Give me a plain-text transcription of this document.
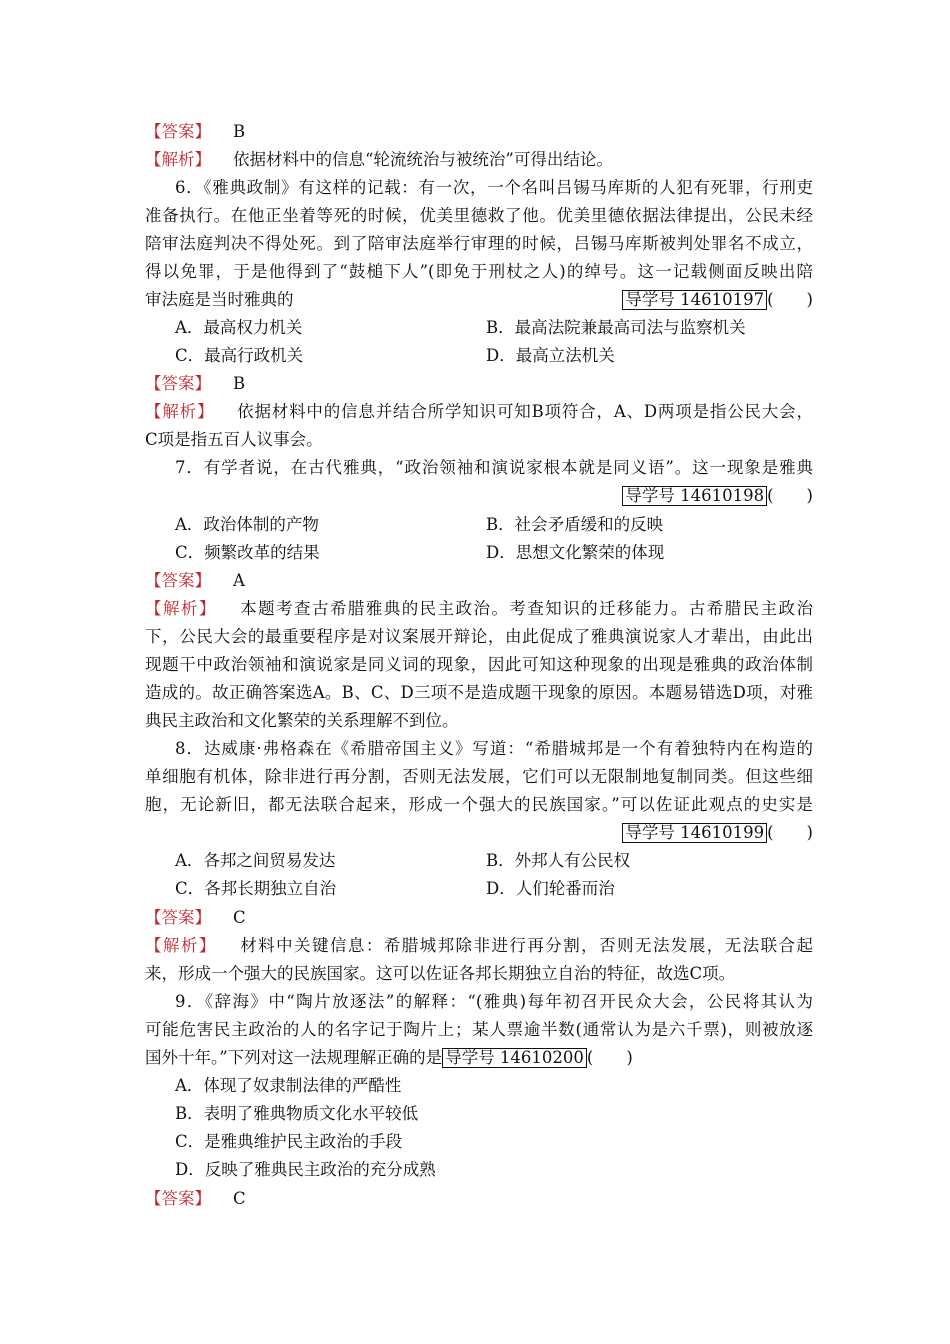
【答案】 B
【解析】 依据材料中的信息“轮流统治与被统治”可得出结论。
6．《雅典政制》有这样的记载：有一次，一个名叫吕锡马库斯的人犯有死罪，行刑吏
准备执行。在他正坐着等死的时候，优美里德救了他。优美里德依据法律提出，公民未经
陪审法庭判决不得处死。到了陪审法庭举行审理的时候，吕锡马库斯被判处罪名不成立，
得以免罪，于是他得到了“鼓槌下人”(即免于刑杖之人)的绰号。这一记载侧面反映出陪
审法庭是当时雅典的	导学号 14610197 (　　)
A．最高权力机关	B．最高法院兼最高司法与监察机关
C．最高行政机关	D．最高立法机关
【答案】 B
【解析】 依据材料中的信息并结合所学知识可知B项符合，A、D两项是指公民大会，
C项是指五百人议事会。
7．有学者说，在古代雅典，“政治领袖和演说家根本就是同义语”。这一现象是雅典
导学号 14610198 (　　)
A．政治体制的产物	B．社会矛盾缓和的反映
C．频繁改革的结果	D．思想文化繁荣的体现
【答案】 A
【解析】 本题考查古希腊雅典的民主政治。考查知识的迁移能力。古希腊民主政治
下，公民大会的最重要程序是对议案展开辩论，由此促成了雅典演说家人才辈出，由此出
现题干中政治领袖和演说家是同义词的现象，因此可知这种现象的出现是雅典的政治体制
造成的。故正确答案选A。B、C、D三项不是造成题干现象的原因。本题易错选D项，对雅
典民主政治和文化繁荣的关系理解不到位。
8．达威康·弗格森在《希腊帝国主义》写道：“希腊城邦是一个有着独特内在构造的
单细胞有机体，除非进行再分割，否则无法发展，它们可以无限制地复制同类。但这些细
胞，无论新旧，都无法联合起来，形成一个强大的民族国家。”可以佐证此观点的史实是
导学号 14610199 (　　)
A．各邦之间贸易发达	B．外邦人有公民权
C．各邦长期独立自治	D．人们轮番而治
【答案】 C
【解析】 材料中关键信息：希腊城邦除非进行再分割，否则无法发展，无法联合起
来，形成一个强大的民族国家。这可以佐证各邦长期独立自治的特征，故选C项。
9．《辞海》中“陶片放逐法”的解释：“(雅典)每年初召开民众大会，公民将其认为
可能危害民主政治的人的名字记于陶片上；某人票逾半数(通常认为是六千票)，则被放逐
国外十年。”下列对这一法规理解正确的是 导学号 14610200 (　　)
A．体现了奴隶制法律的严酷性
B．表明了雅典物质文化水平较低
C．是雅典维护民主政治的手段
D．反映了雅典民主政治的充分成熟
【答案】 C
